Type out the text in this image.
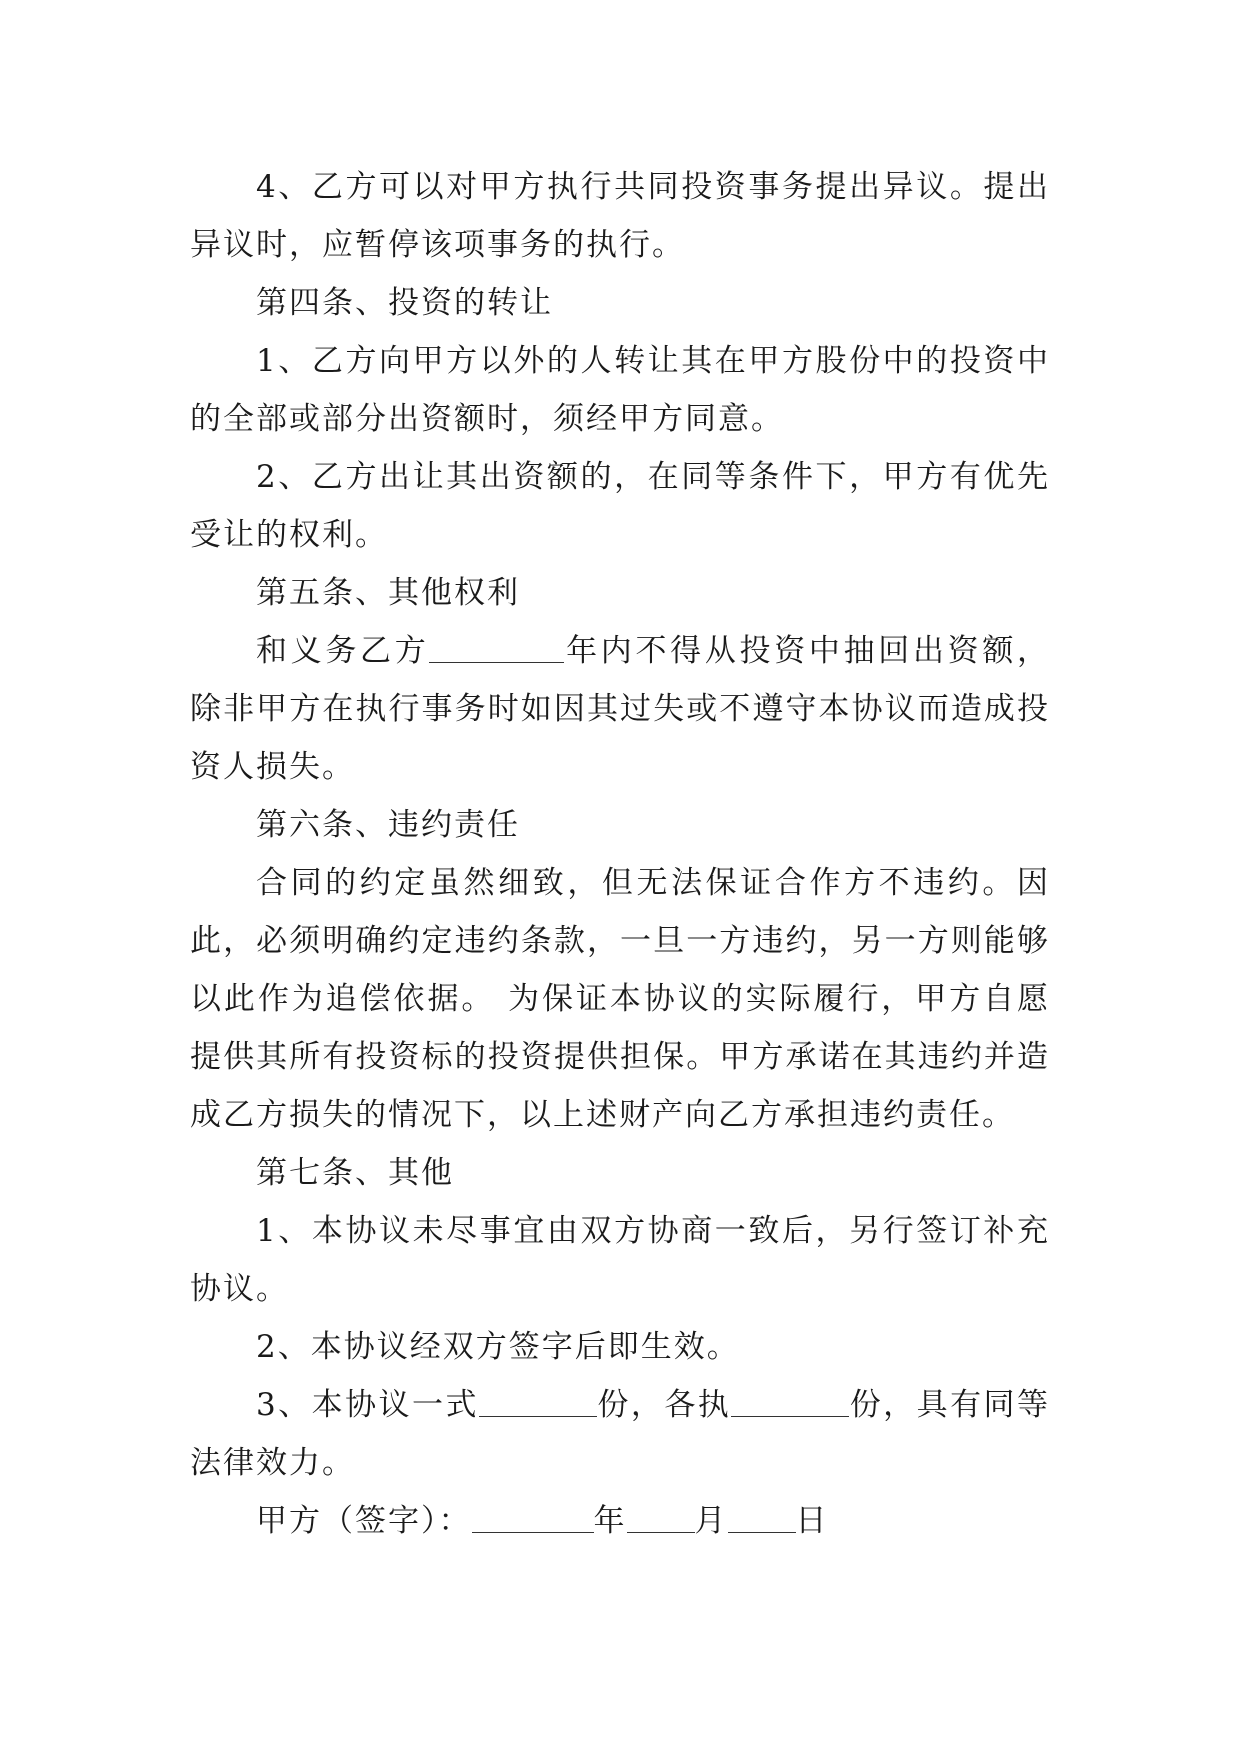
4、乙方可以对甲方执行共同投资事务提出异议。提出异议时，应暂停该项事务的执行。

第四条、投资的转让

1、乙方向甲方以外的人转让其在甲方股份中的投资中的全部或部分出资额时，须经甲方同意。

2、乙方出让其出资额的，在同等条件下，甲方有优先受让的权利。

第五条、其他权利

和义务乙方	年内不得从投资中抽回出资额，除非甲方在执行事务时如因其过失或不遵守本协议而造成投资人损失。

第六条、违约责任

合同的约定虽然细致，但无法保证合作方不违约。因此，必须明确约定违约条款，一旦一方违约，另一方则能够以此作为追偿依据。 为保证本协议的实际履行，甲方自愿提供其所有投资标的投资提供担保。甲方承诺在其违约并造成乙方损失的情况下，以上述财产向乙方承担违约责任。

第七条、其他

1、本协议未尽事宜由双方协商一致后，另行签订补充协议。

2、本协议经双方签字后即生效。

3、本协议一式	份，各执	份，具有同等法律效力。

甲方（签字）：	年 月 日
